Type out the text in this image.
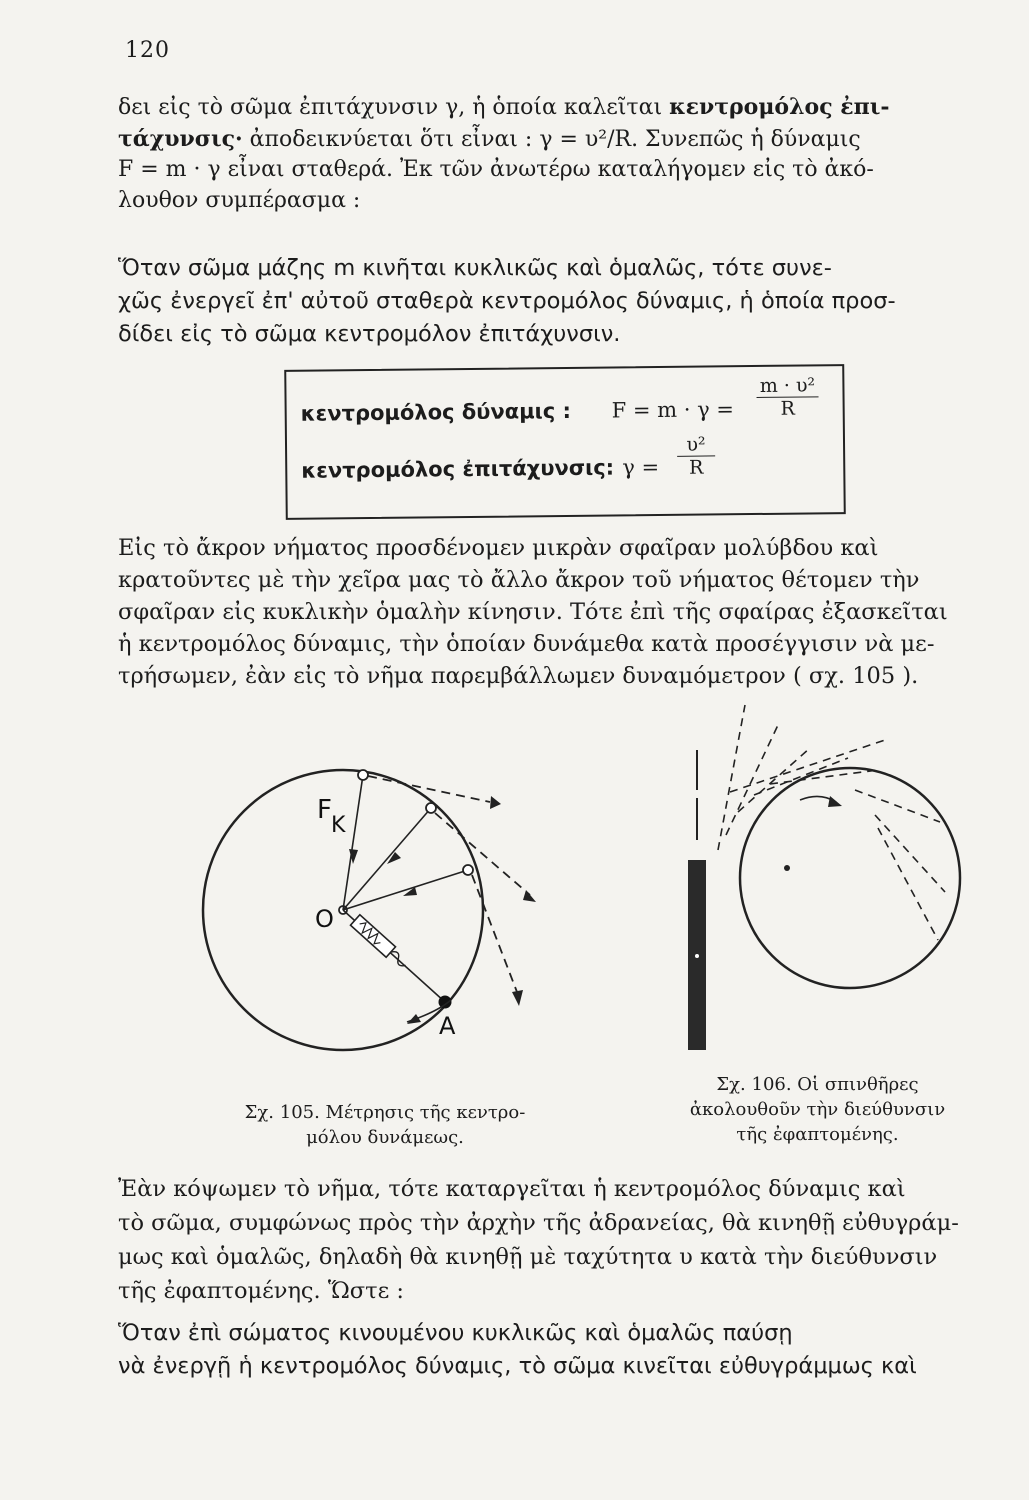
120
δει εἰς τὸ σῶμα ἐπιτάχυνσιν γ, ἡ ὁποία καλεῖται κεντρομόλος ἐπι-
τάχυνσις· ἀποδεικνύεται ὅτι εἶναι : γ = υ²/R. Συνεπῶς ἡ δύναμις
F = m · γ εἶναι σταθερά. Ἐκ τῶν ἀνωτέρω καταλήγομεν εἰς τὸ ἀκό-
λουθον συμπέρασμα :
Ὅταν σῶμα μάζης m κινῆται κυκλικῶς καὶ ὁμαλῶς, τότε συνε-
χῶς ἐνεργεῖ ἐπ' αὐτοῦ σταθερὰ κεντρομόλος δύναμις, ἡ ὁποία προσ-
δίδει εἰς τὸ σῶμα κεντρομόλον ἐπιτάχυνσιν.
κεντρομόλος δύναμις : $F = m \cdot \gamma = \frac{\text{m · υ²}}{R}$
κεντρομόλος ἐπιτάχυνσις: $\gamma = \frac{\text{υ²}}{R}$
Εἰς τὸ ἄκρον νήματος προσδένομεν μικρὰν σφαῖραν μολύβδου καὶ
κρατοῦντες μὲ τὴν χεῖρα μας τὸ ἄλλο ἄκρον τοῦ νήματος θέτομεν τὴν
σφαῖραν εἰς κυκλικὴν ὁμαλὴν κίνησιν. Τότε ἐπὶ τῆς σφαίρας ἐξασκεῖται
ἡ κεντρομόλος δύναμις, τὴν ὁποίαν δυνάμεθα κατὰ προσέγγισιν νὰ με-
τρήσωμεν, ἐὰν εἰς τὸ νῆμα παρεμβάλλωμεν δυναμόμετρον ( σχ. 105 ).
F
K
O
A
Σχ. 105. Μέτρησις τῆς κεντρο-
μόλου δυνάμεως.
Σχ. 106. Οἱ σπινθῆρες
ἀκολουθοῦν τὴν διεύθυνσιν
τῆς ἐφαπτομένης.
Ἐὰν κόψωμεν τὸ νῆμα, τότε καταργεῖται ἡ κεντρομόλος δύναμις καὶ
τὸ σῶμα, συμφώνως πρὸς τὴν ἀρχὴν τῆς ἀδρανείας, θὰ κινηθῇ εὐθυγράμ-
μως καὶ ὁμαλῶς, δηλαδὴ θὰ κινηθῇ μὲ ταχύτητα υ κατὰ τὴν διεύθυνσιν
τῆς ἐφαπτομένης. Ὥστε :
Ὅταν ἐπὶ σώματος κινουμένου κυκλικῶς καὶ ὁμαλῶς παύσῃ
νὰ ἐνεργῇ ἡ κεντρομόλος δύναμις, τὸ σῶμα κινεῖται εὐθυγράμμως καὶ
